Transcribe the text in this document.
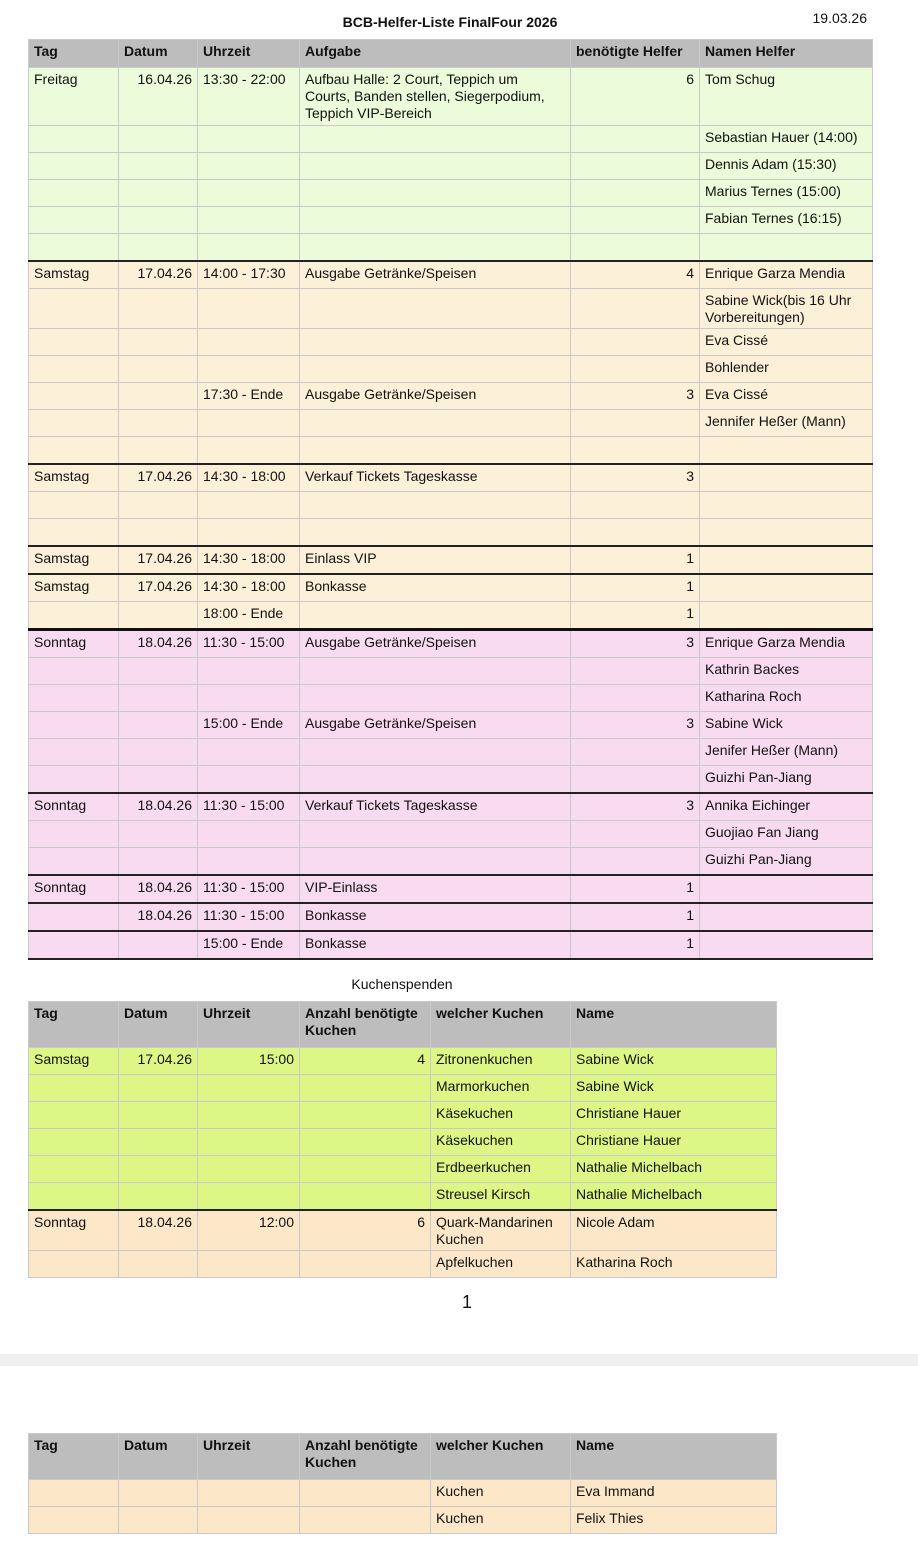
BCB-Helfer-Liste FinalFour 2026	19.03.26
Tag	Datum	Uhrzeit	Aufgabe	benötigte Helfer	Namen Helfer
Freitag	16.04.26	13:30 - 22:00	Aufbau Halle: 2 Court, Teppich um Courts, Banden stellen, Siegerpodium, Teppich VIP-Bereich	6	Tom Schug
					Sebastian Hauer (14:00)
					Dennis Adam (15:30)
					Marius Ternes (15:00)
					Fabian Ternes (16:15)

Samstag	17.04.26	14:00 - 17:30	Ausgabe Getränke/Speisen	4	Enrique Garza Mendia
					Sabine Wick(bis 16 Uhr Vorbereitungen)
					Eva Cissé
					Bohlender
		17:30 - Ende	Ausgabe Getränke/Speisen	3	Eva Cissé
					Jennifer Heßer (Mann)

Samstag	17.04.26	14:30 - 18:00	Verkauf Tickets Tageskasse	3	

Samstag	17.04.26	14:30 - 18:00	Einlass VIP	1	
Samstag	17.04.26	14:30 - 18:00	Bonkasse	1	
		18:00 - Ende		1	
Sonntag	18.04.26	11:30 - 15:00	Ausgabe Getränke/Speisen	3	Enrique Garza Mendia
					Kathrin Backes
					Katharina Roch
		15:00 - Ende	Ausgabe Getränke/Speisen	3	Sabine Wick
					Jenifer Heßer (Mann)
					Guizhi Pan-Jiang
Sonntag	18.04.26	11:30 - 15:00	Verkauf Tickets Tageskasse	3	Annika Eichinger
					Guojiao Fan Jiang
					Guizhi Pan-Jiang
Sonntag	18.04.26	11:30 - 15:00	VIP-Einlass	1	
	18.04.26	11:30 - 15:00	Bonkasse	1	
		15:00 - Ende	Bonkasse	1	
Kuchenspenden
Tag	Datum	Uhrzeit	Anzahl benötigte Kuchen	welcher Kuchen	Name
Samstag	17.04.26	15:00	4	Zitronenkuchen	Sabine Wick
				Marmorkuchen	Sabine Wick
				Käsekuchen	Christiane Hauer
				Käsekuchen	Christiane Hauer
				Erdbeerkuchen	Nathalie Michelbach
				Streusel Kirsch	Nathalie Michelbach
Sonntag	18.04.26	12:00	6	Quark-Mandarinen Kuchen	Nicole Adam
				Apfelkuchen	Katharina Roch
1
Tag	Datum	Uhrzeit	Anzahl benötigte Kuchen	welcher Kuchen	Name
				Kuchen	Eva Immand
				Kuchen	Felix Thies
